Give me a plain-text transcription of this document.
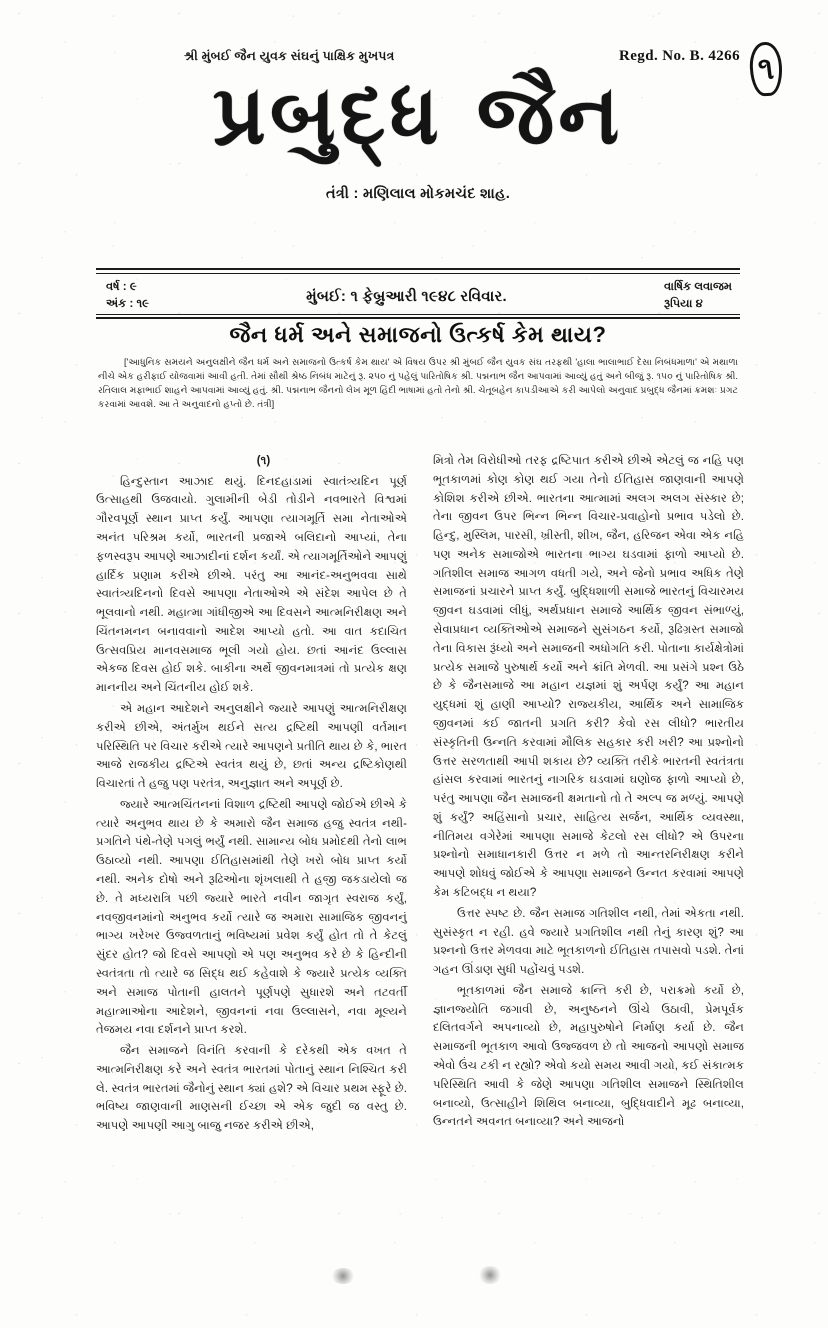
શ્રી મુંબઈ જૈન યુવક સંઘનું પાક્ષિક મુખપત્ર	Regd. No. B. 4266 ૧
પ્રબુદ્ધ જૈન
તંત્રી : મણિલાલ મોકમચંદ શાહ.
વર્ષ : ૯
અંક : ૧૯	મુંબઈ: ૧ ફેબ્રુઆરી ૧૯૪૮ રવિવાર.
વાર્ષિક લવાજમ
રૂપિયા ૪
જૈન ધર્મ અને સમાજનો ઉત્કર્ષ કેમ થાય?
['આધુનિક સમયને અનુલક્ષીને જૈન ધર્મ અને સમાજનો ઉત્કર્ષ કેમ થાય' એ વિષય ઉપર શ્રી મુંબઈ જૈન યુવક સંઘ તરફથી 'હાલા ભાલાભાઈ દેસા નિબંધમાળા' એ મથાળા નીચે એક હરીફાઈ યોજવામાં આવી હતી. તેમાં સૌથી શ્રેષ્ઠ નિબંધ માટેનું રૂ. ૨૫૦ નું પહેલું પારિતોષિક શ્રી. પદ્મનાભ જૈન આપવામાં આવ્યું હતું અને બીજું રૂ. ૧૫૦ નું પારિતોષિક શ્રી. રતિલાલ મફાભાઈ શાહને આપવામાં આવ્યું હતું. શ્રી. પદ્મનાભ જૈનનો લેખ મૂળ હિંદી ભાષામાં હતો તેનો શ્રી. ચેતૂબહેન કાપડીઆએ કરી આપેલો અનુવાદ પ્રબુદ્ધ જૈનમાં ક્રમશઃ પ્રગટ કરવામાં આવશે. આ તે અનુવાદનો હપ્તો છે. તંત્રી]

(૧)

હિન્દુસ્તાન આઝાદ થયું. દિનદહાડામાં સ્વાતંત્ર્યદિન પૂર્ણ ઉત્સાહથી ઉજવાયો. ગુલામીની બેડી તોડીને નવભારતે વિશ્વમાં ગૌરવપૂર્ણ સ્થાન પ્રાપ્ત કર્યું. આપણા ત્યાગમૂર્તિ સમા નેતાઓએ અનંત પરિશ્રમ કર્યો, ભારતની પ્રજાએ બલિદાનો આપ્યાં, તેના ફળસ્વરૂપ આપણે આઝાદીનાં દર્શન કર્યાં. એ ત્યાગમૂર્તિઓને આપણું હાર્દિક પ્રણામ કરીએ છીએ. પરંતુ આ આનંદ-અનુભવવા સાથે સ્વાતંત્ર્યદિનનો દિવસે આપણા નેતાઓએ એ સંદેશ આપેલ છે તે ભૂલવાનો નથી. મહાત્મા ગાંધીજીએ આ દિવસને આત્મનિરીક્ષણ અને ચિંતનમનન બનાવવાનો આદેશ આપ્યો હતો. આ વાત કદાચિત ઉત્સવપ્રિય માનવસમાજ ભૂલી ગયો હોય. છતાં આનંદ ઉલ્લાસ એકજ દિવસ હોઈ શકે. બાકીના અર્થે જીવનમાત્રમાં તો પ્રત્યેક ક્ષણ માનનીય અને ચિંતનીય હોઈ શકે.

એ મહાન આદેશને અનુલક્ષીને જ્યારે આપણું આત્મનિરીક્ષણ કરીએ છીએ, અંતર્મુખ થઈને સત્ય દ્રષ્ટિથી આપણી વર્તમાન પરિસ્થિતિ પર વિચાર કરીએ ત્યારે આપણને પ્રતીતિ થાય છે કે, ભારત આજે રાજકીય દ્રષ્ટિએ સ્વતંત્ર થયું છે, છતાં અન્ય દ્રષ્ટિકોણથી વિચારતાં તે હજુ પણ પરતંત્ર, અનુજ્ઞાત અને અપૂર્ણ છે.

જ્યારે આત્મચિંતનનાં વિશાળ દ્રષ્ટિથી આપણે જોઈએ છીએ કે ત્યારે અનુભવ થાય છે કે અમારો જૈન સમાજ હજુ સ્વતંત્ર નથી-પ્રગતિને પંથે-તેણે પગલું ભર્યું નથી. સામાન્ય બોધ પ્રમોદથી તેનો લાભ ઉઠાવ્યો નથી. આપણા ઈતિહાસમાંથી તેણે ખરો બોધ પ્રાપ્ત કર્યો નથી. અનેક દોષો અને રૂઢિઓના શૃંખલાથી તે હજી જકડાયેલો જ છે. તે મધ્યરાત્રિ પછી જ્યારે ભારતે નવીન જાગૃત સ્વરાજ કર્યું, નવજીવનમાંનો અનુભવ કર્યો ત્યારે જ અમારા સામાજિક જીવનનું ભાગ્ય ખરેખર ઉજ્વળતાનું ભવિષ્યમાં પ્રવેશ કર્યું હોત તો તે કેટલું સુંદર હોત? જો દિવસે આપણો એ પણ અનુભવ કરે છે કે હિન્દીની સ્વતંત્રતા તો ત્યારે જ સિદ્ધ થઈ કહેવાશે કે જ્યારે પ્રત્યેક વ્યક્તિ અને સમાજ પોતાની હાલતને પૂર્ણપણે સુધારશે અને તટવર્તી મહાત્માઓના આદેશને, જીવનનાં નવા ઉલ્લાસને, નવા મૂલ્યને તેજમય નવા દર્શનને પ્રાપ્ત કરશે.

જૈન સમાજને વિનંતિ કરવાની કે દરેકથી એક વખત તે આત્મનિરીક્ષણ કરે અને સ્વતંત્ર ભારતમાં પોતાનું સ્થાન નિશ્ચિત કરી લે. સ્વતંત્ર ભારતમાં જૈનોનું સ્થાન ક્યાં હશે? એ વિચાર પ્રથમ સ્ફૂરે છે. ભવિષ્ય જાણવાની માણસની ઈચ્છા એ એક જુદી જ વસ્તુ છે. આપણે આપણી આગુ બાજુ નજર કરીએ છીએ,

મિત્રો તેમ વિરોધીઓ તરફ દ્રષ્ટિપાત કરીએ છીએ એટલું જ નહિ પણ ભૂતકાળમાં કોણ કોણ થઈ ગયા તેનો ઈતિહાસ જાણવાની આપણે કોશિશ કરીએ છીએ. ભારતના આત્મામાં અલગ અલગ સંસ્કાર છે; તેના જીવન ઉપર ભિન્ન ભિન્ન વિચાર-પ્રવાહોનો પ્રભાવ પડેલો છે. હિન્દુ, મુસ્લિમ, પારસી, ખ્રીસ્તી, શીખ, જૈન, હરિજન એવા એક નહિ પણ અનેક સમાજોએ ભારતના ભાગ્ય ઘડવામાં ફાળો આપ્યો છે. ગતિશીલ સમાજ આગળ વધતી ગયે, અને જેનો પ્રભાવ અધિક તેણે સમાજનાં પ્રચારને પ્રાપ્ત કર્યું. બુદ્ધિશાળી સમાજે ભારતનું વિચારમય જીવન ઘડવામાં લીધું, અર્થપ્રધાન સમાજે આર્થિક જીવન સંભાળ્યું, સેવાપ્રધાન વ્યક્તિઓએ સમાજને સુસંગઠન કર્યો, રૂઢિગ્રસ્ત સમાજો તેના વિકાસ રૂંધ્યો અને સમાજની અધોગતિ કરી. પોતાના કાર્યક્ષેત્રોમાં પ્રત્યેક સમાજે પુરુષાર્થ કર્યો અને ક્રાંતિ મેળવી. આ પ્રસંગે પ્રશ્ન ઉઠે છે કે જૈનસમાજે આ મહાન યજ્ઞમાં શું અર્પણ કર્યું? આ મહાન યુદ્ધમાં શું હાણી આપ્યો? રાજ્યકીય, આર્થિક અને સામાજિક જીવનમાં કઈ જાતની પ્રગતિ કરી? કેવો રસ લીધો? ભારતીય સંસ્કૃતિની ઉન્નતિ કરવામાં મૌલિક સહકાર કરી ખરી? આ પ્રશ્નોનો ઉત્તર સરળતાથી આપી શકાય છે? વ્યક્તિ તરીકે ભારતની સ્વતંત્રતા હાંસલ કરવામાં ભારતનું નાગરિક ઘડવામાં ઘણોજ ફાળો આપ્યો છે, પરંતુ આપણા જૈન સમાજની ક્ષમતાનો તો તે અલ્પ જ મળ્યું. આપણે શું કર્યું? અહિંસાનો પ્રચાર, સાહિત્ય સર્જન, આર્થિક વ્યવસ્થા, નીતિમય વગેરેમાં આપણા સમાજે કેટલો રસ લીધો? એ ઉપરના પ્રશ્નોનો સમાધાનકારી ઉત્તર ન મળે તો આન્તરનિરીક્ષણ કરીને આપણે શોધવું જોઈએ કે આપણા સમાજને ઉન્નત કરવામાં આપણે કેમ કટિબદ્ધ ન થયા?

ઉત્તર સ્પષ્ટ છે. જૈન સમાજ ગતિશીલ નથી, તેમાં એકતા નથી. સુસંસ્કૃત ન રહી. હવે જ્યારે પ્રગતિશીલ નથી તેનું કારણ શું? આ પ્રશ્નનો ઉત્તર મેળવવા માટે ભૂતકાળનો ઈતિહાસ તપાસવો પડશે. તેનાં ગહન ઊંડાણ સુધી પહોંચવું પડશે.

ભૂતકાળમાં જૈન સમાજે ક્રાન્તિ કરી છે, પરાક્રમો કર્યો છે, જ્ઞાનજ્યોતિ જગાવી છે, અનુષ્ઠનને ઊંચે ઉઠાવી, પ્રેમપૂર્વક દલિતવર્ગને અપનાવ્યો છે, મહાપુરુષોને નિર્માણ કર્યા છે. જૈન સમાજની ભૂતકાળ આવો ઉજ્જવળ છે તો આજનો આપણો સમાજ એવો ઉંચ ટકી ન રહ્યો? એવો કયો સમય આવી ગયો, કઈ સંકાત્મક પરિસ્થિતિ આવી કે જેણે આપણા ગતિશીલ સમાજને સ્થિતિશીલ બનાવ્યો, ઉત્સાહીને શિથિલ બનાવ્યા, બુદ્ધિવાદીને મૂઢ બનાવ્યા, ઉન્નતને અવનત બનાવ્યા? અને આજનો
